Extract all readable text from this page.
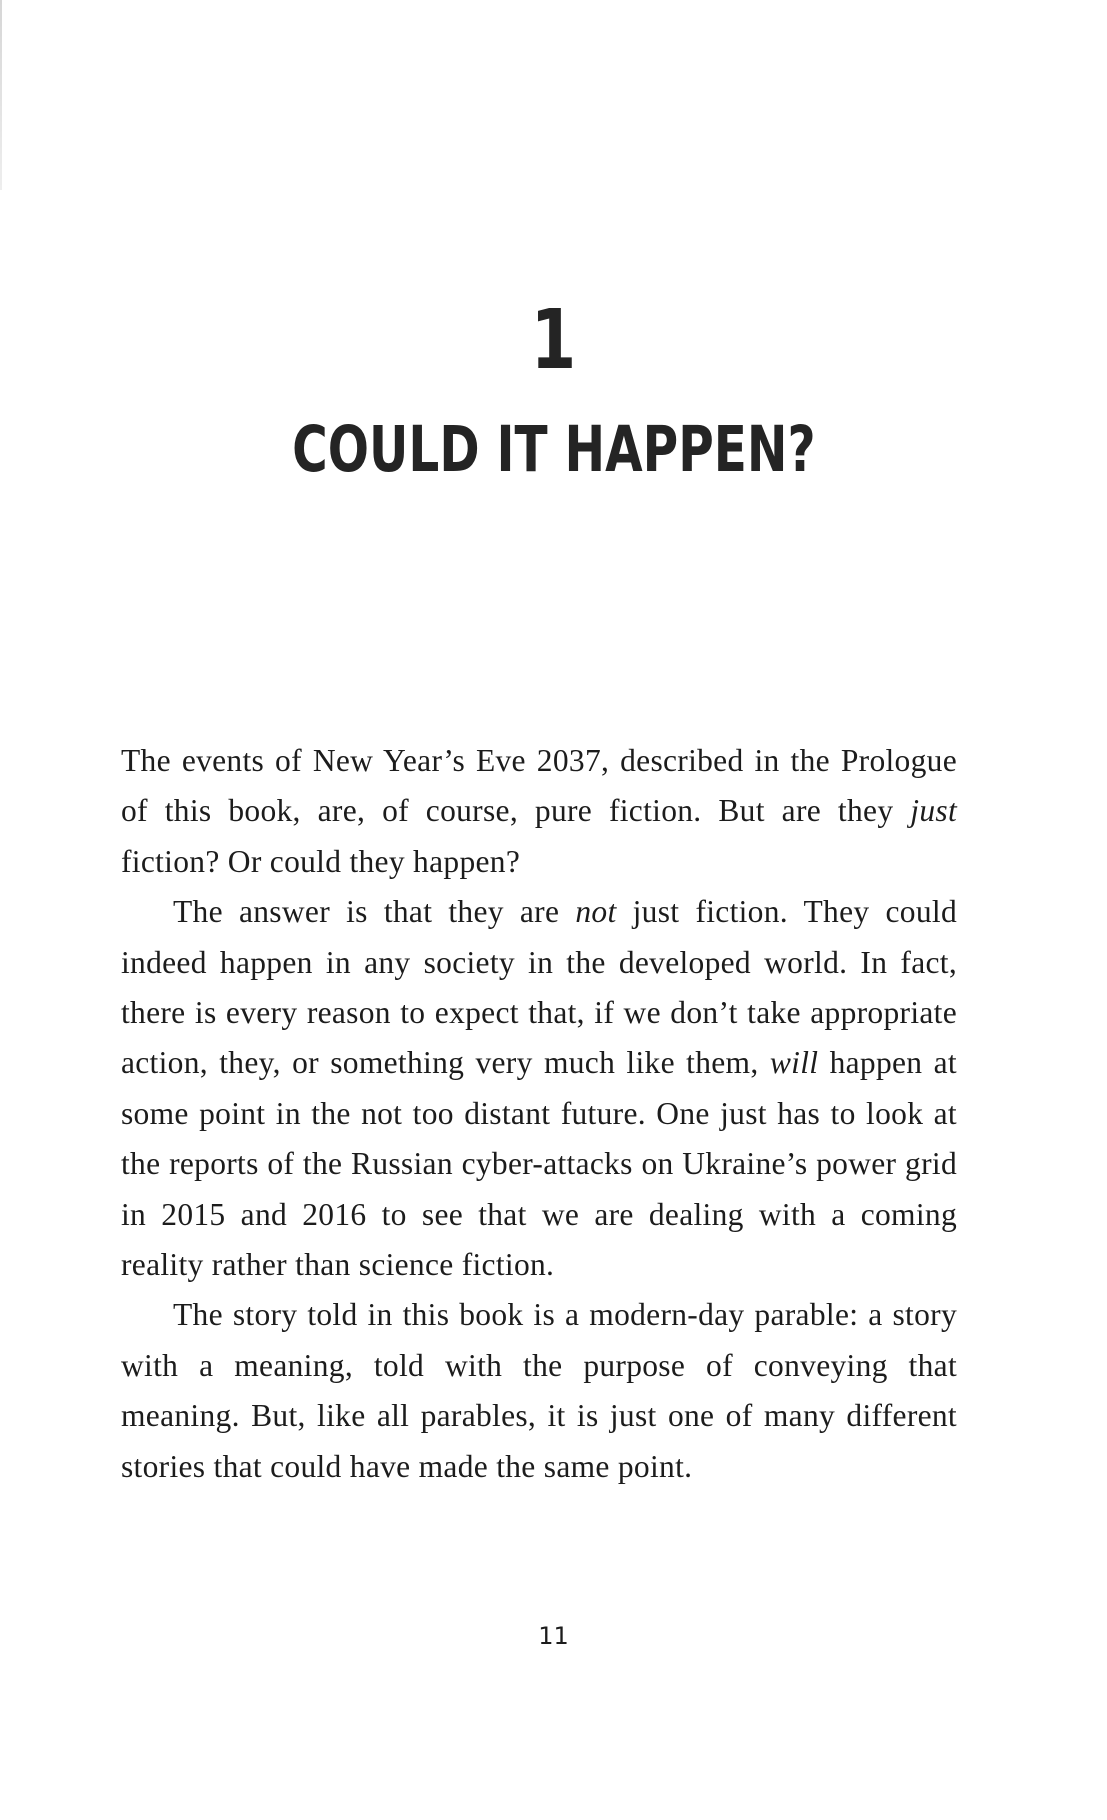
1
COULD IT HAPPEN?

The events of New Year’s Eve 2037, described in the Prologue of this book, are, of course, pure fiction. But are they just fiction? Or could they happen?

The answer is that they are not just fiction. They could indeed happen in any society in the developed world. In fact, there is every reason to expect that, if we don’t take appropriate action, they, or something very much like them, will happen at some point in the not too distant future. One just has to look at the reports of the Russian cyber-attacks on Ukraine’s power grid in 2015 and 2016 to see that we are dealing with a coming reality rather than science fiction.

The story told in this book is a modern-day parable: a story with a meaning, told with the purpose of conveying that meaning. But, like all parables, it is just one of many different stories that could have made the same point.

11
